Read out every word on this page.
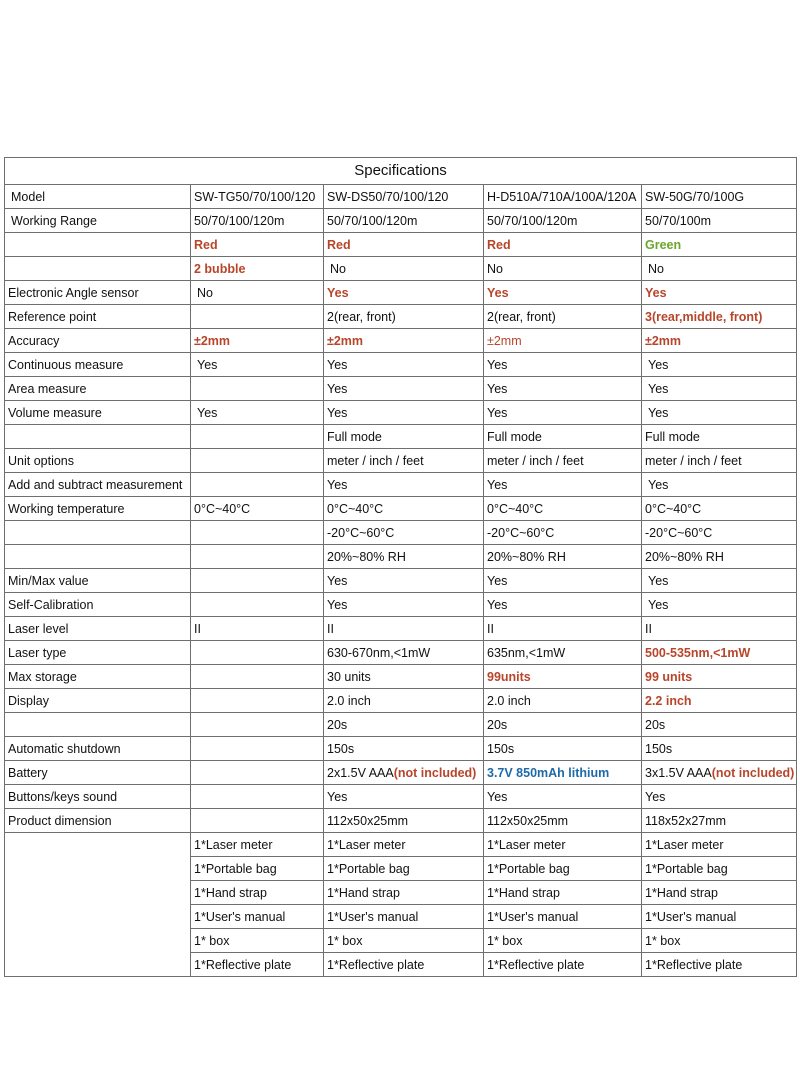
Specifications				
Model	SW-TG50/70/100/120	SW-DS50/70/100/120	H-D510A/710A/100A/120A	SW-50G/70/100G
Working Range	50/70/100/120m	50/70/100/120m	50/70/100/120m	50/70/100m
	Red	Red	Red	Green
	2 bubble	No	No	No
Electronic Angle sensor	No	Yes	Yes	Yes
Reference point		2(rear, front)	2(rear, front)	3(rear,middle, front)
Accuracy	±2mm	±2mm	±2mm	±2mm
Continuous measure	Yes	Yes	Yes	Yes
Area measure		Yes	Yes	Yes
Volume measure	Yes	Yes	Yes	Yes
		Full mode	Full mode	Full mode
Unit options		meter / inch / feet	meter / inch / feet	meter / inch / feet
Add and subtract measurement		Yes	Yes	Yes
Working temperature	0°C~40°C	0°C~40°C	0°C~40°C	0°C~40°C
		-20°C~60°C	-20°C~60°C	-20°C~60°C
		20%~80% RH	20%~80% RH	20%~80% RH
Min/Max value		Yes	Yes	Yes
Self-Calibration		Yes	Yes	Yes
Laser level	II	II	II	II
Laser type		630-670nm,<1mW	635nm,<1mW	500-535nm,<1mW
Max storage		30 units	99units	99 units
Display		2.0 inch	2.0 inch	2.2 inch
		20s	20s	20s
Automatic shutdown		150s	150s	150s
Battery		2x1.5V AAA(not included)	3.7V 850mAh lithium	3x1.5V AAA(not included)
Buttons/keys sound		Yes	Yes	Yes
Product dimension		112x50x25mm	112x50x25mm	118x52x27mm
	1*Laser meter	1*Laser meter	1*Laser meter	1*Laser meter
	1*Portable bag	1*Portable bag	1*Portable bag	1*Portable bag
	1*Hand strap	1*Hand strap	1*Hand strap	1*Hand strap
	1*User's manual	1*User's manual	1*User's manual	1*User's manual
	1* box	1* box	1* box	1* box
	1*Reflective plate	1*Reflective plate	1*Reflective plate	1*Reflective plate
